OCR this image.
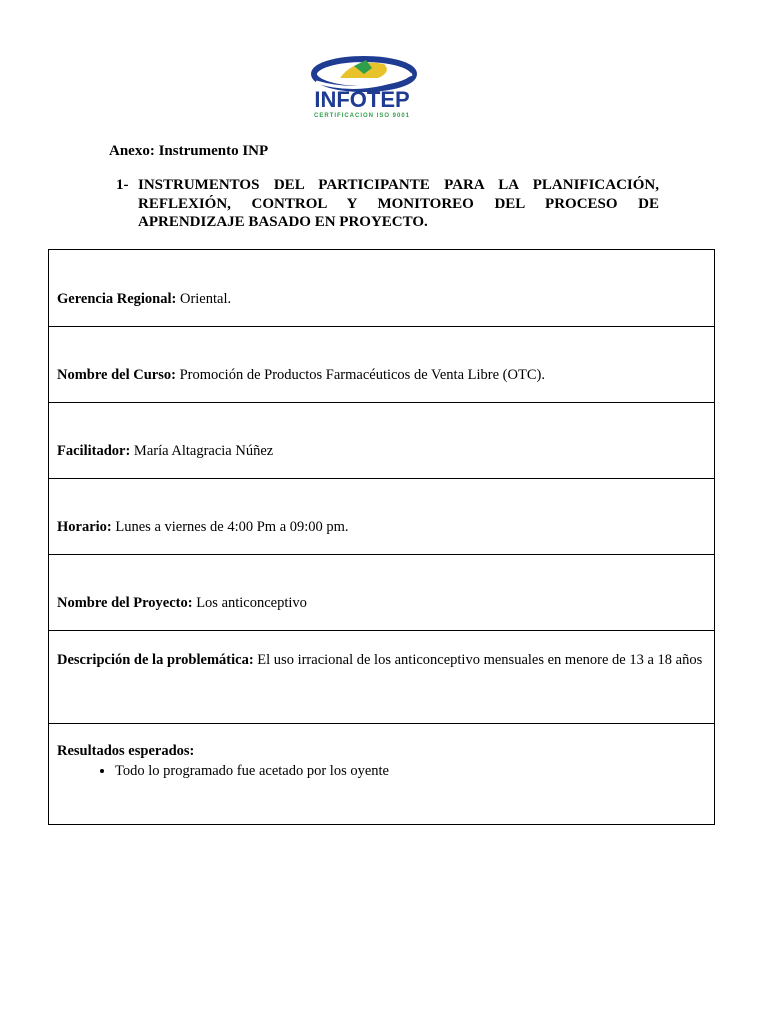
INFOTEP
CERTIFICACION ISO 9001
Anexo: Instrumento INP
1- INSTRUMENTOS DEL PARTICIPANTE PARA LA PLANIFICACIÓN, REFLEXIÓN, CONTROL Y MONITOREO DEL PROCESO DE APRENDIZAJE BASADO EN PROYECTO.
Gerencia Regional: Oriental.

Nombre del Curso: Promoción de Productos Farmacéuticos de Venta Libre (OTC).

Facilitador: María Altagracia Núñez

Horario: Lunes a viernes de 4:00 Pm a 09:00 pm.

Nombre del Proyecto: Los anticonceptivo

Descripción de la problemática: El uso irracional de los anticonceptivo mensuales en menore de 13 a 18 años

Resultados esperados:
• Todo lo programado fue acetado por los oyente
